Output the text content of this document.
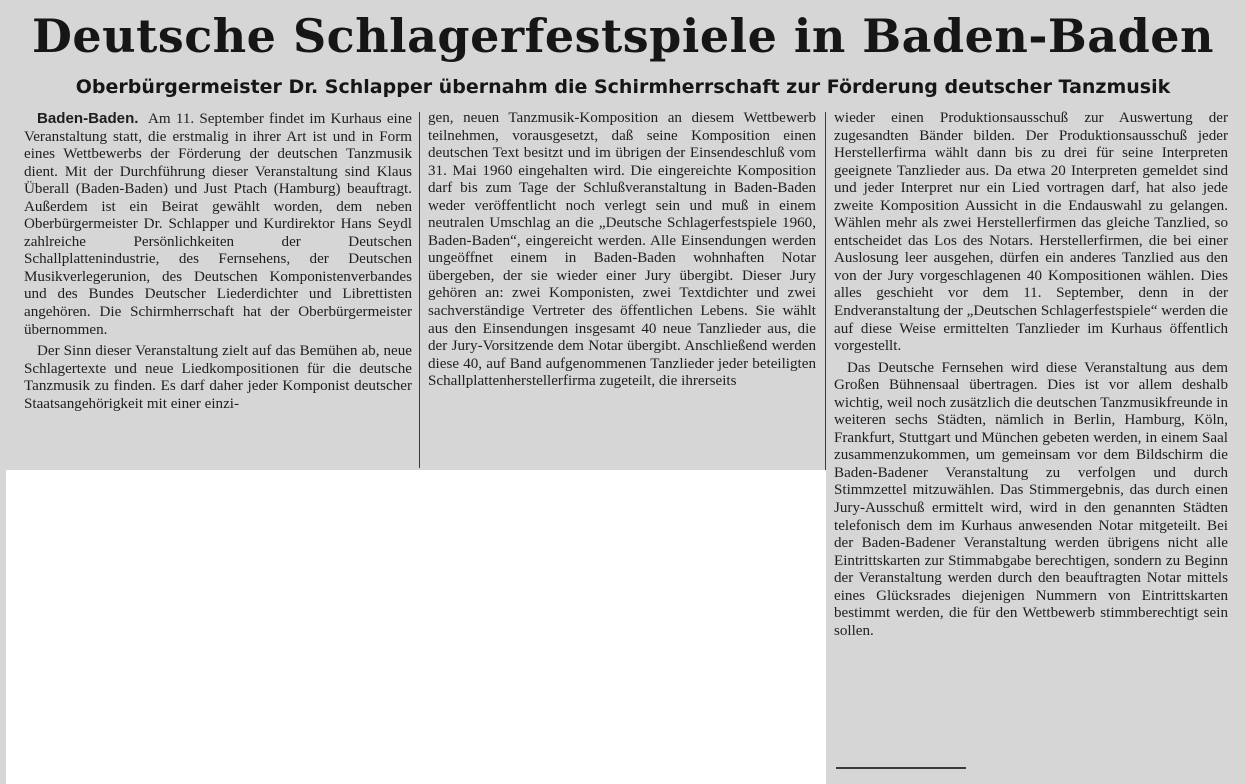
Deutsche Schlagerfestspiele in Baden-Baden
Oberbürgermeister Dr. Schlapper übernahm die Schirmherrschaft zur Förderung deutscher Tanzmusik

Baden-Baden. Am 11. September findet im Kurhaus eine Veranstaltung statt, die erstmalig in ihrer Art ist und in Form eines Wettbewerbs der Förderung der deutschen Tanzmusik dient. Mit der Durchführung dieser Veranstaltung sind Klaus Überall (Baden-Baden) und Just Ptach (Hamburg) beauftragt. Außerdem ist ein Beirat gewählt worden, dem neben Oberbürgermeister Dr. Schlapper und Kurdirektor Hans Seydl zahlreiche Persönlichkeiten der Deutschen Schallplattenindustrie, des Fernsehens, der Deutschen Musikverlegerunion, des Deutschen Komponistenverbandes und des Bundes Deutscher Liederdichter und Librettisten angehören. Die Schirmherrschaft hat der Oberbürgermeister übernommen.

Der Sinn dieser Veranstaltung zielt auf das Bemühen ab, neue Schlagertexte und neue Liedkompositionen für die deutsche Tanzmusik zu finden. Es darf daher jeder Komponist deutscher Staatsangehörigkeit mit einer einzi-

gen, neuen Tanzmusik-Komposition an diesem Wettbewerb teilnehmen, vorausgesetzt, daß seine Komposition einen deutschen Text besitzt und im übrigen der Einsendeschluß vom 31. Mai 1960 eingehalten wird. Die eingereichte Komposition darf bis zum Tage der Schlußveranstaltung in Baden-Baden weder veröffentlicht noch verlegt sein und muß in einem neutralen Umschlag an die „Deutsche Schlagerfestspiele 1960, Baden-Baden“, eingereicht werden. Alle Einsendungen werden ungeöffnet einem in Baden-Baden wohnhaften Notar übergeben, der sie wieder einer Jury übergibt. Dieser Jury gehören an: zwei Komponisten, zwei Textdichter und zwei sachverständige Vertreter des öffentlichen Lebens. Sie wählt aus den Einsendungen insgesamt 40 neue Tanzlieder aus, die der Jury-Vorsitzende dem Notar übergibt. Anschließend werden diese 40, auf Band aufgenommenen Tanzlieder jeder beteiligten Schallplattenherstellerfirma zugeteilt, die ihrerseits

wieder einen Produktionsausschuß zur Auswertung der zugesandten Bänder bilden. Der Produktionsausschuß jeder Herstellerfirma wählt dann bis zu drei für seine Interpreten geeignete Tanzlieder aus. Da etwa 20 Interpreten gemeldet sind und jeder Interpret nur ein Lied vortragen darf, hat also jede zweite Komposition Aussicht in die Endauswahl zu gelangen. Wählen mehr als zwei Herstellerfirmen das gleiche Tanzlied, so entscheidet das Los des Notars. Herstellerfirmen, die bei einer Auslosung leer ausgehen, dürfen ein anderes Tanzlied aus den von der Jury vorgeschlagenen 40 Kompositionen wählen. Dies alles geschieht vor dem 11. September, denn in der Endveranstaltung der „Deutschen Schlagerfestspiele“ werden die auf diese Weise ermittelten Tanzlieder im Kurhaus öffentlich vorgestellt.

Das Deutsche Fernsehen wird diese Veranstaltung aus dem Großen Bühnensaal übertragen. Dies ist vor allem deshalb wichtig, weil noch zusätzlich die deutschen Tanzmusikfreunde in weiteren sechs Städten, nämlich in Berlin, Hamburg, Köln, Frankfurt, Stuttgart und München gebeten werden, in einem Saal zusammenzukommen, um gemeinsam vor dem Bildschirm die Baden-Badener Veranstaltung zu verfolgen und durch Stimmzettel mitzuwählen. Das Stimmergebnis, das durch einen Jury-Ausschuß ermittelt wird, wird in den genannten Städten telefonisch dem im Kurhaus anwesenden Notar mitgeteilt. Bei der Baden-Badener Veranstaltung werden übrigens nicht alle Eintrittskarten zur Stimmabgabe berechtigen, sondern zu Beginn der Veranstaltung werden durch den beauftragten Notar mittels eines Glücksrades diejenigen Nummern von Eintrittskarten bestimmt werden, die für den Wettbewerb stimmberechtigt sein sollen.
